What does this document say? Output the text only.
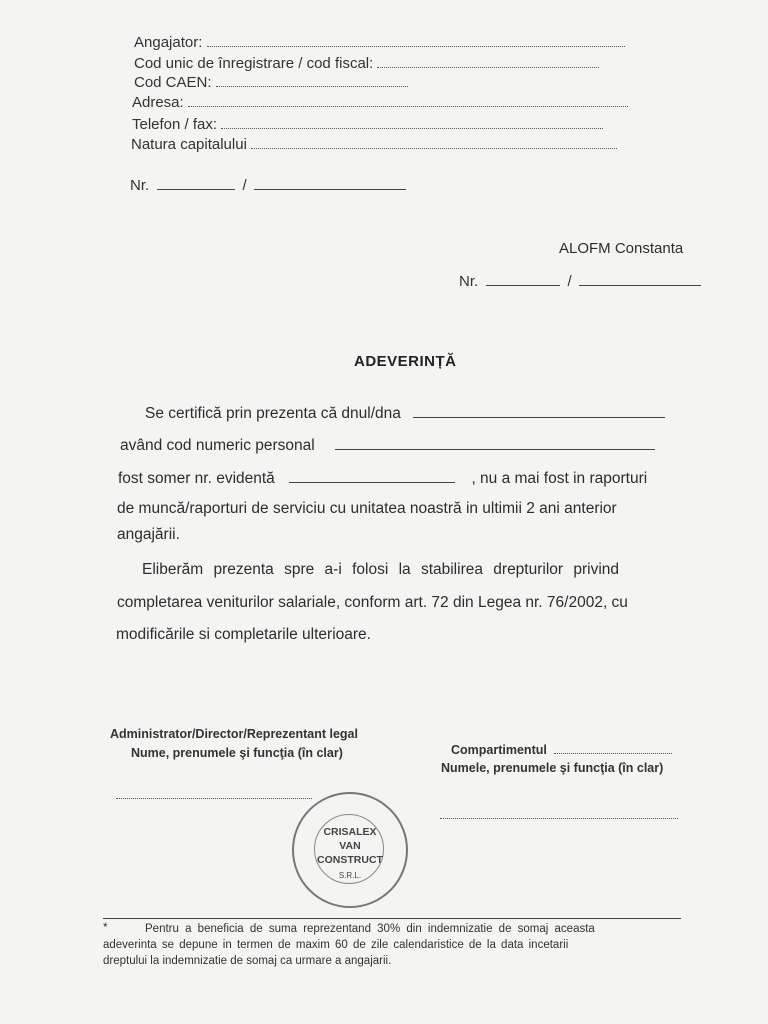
Angajator:
Cod unic de înregistrare / cod fiscal:
Cod CAEN:
Adresa:
Telefon / fax:
Natura capitalului
Nr.	/
ALOFM Constanta
Nr.	/
ADEVERINȚĂ
Se certifică prin prezenta că dnul/dna
având cod numeric personal
fost somer nr. evidentă	, nu a mai fost in raporturi
de muncă/raporturi de serviciu cu unitatea noastră in ultimii 2 ani anterior
angajării.
Eliberăm prezenta spre a-i folosi la stabilirea drepturilor privind
completarea veniturilor salariale, conform art. 72 din Legea nr. 76/2002, cu
modificările si completarile ulterioare.
Administrator/Director/Reprezentant legal
Nume, prenumele şi funcţia (în clar)	Compartimentul
Numele, prenumele şi funcţia (în clar)
CRISALEX
VAN
CONSTRUCT
S.R.L.
*	Pentru a beneficia de suma reprezentand 30% din indemnizatie de somaj aceasta
adeverinta se depune in termen de maxim 60 de zile calendaristice de la data incetarii
dreptului la indemnizatie de somaj ca urmare a angajarii.
